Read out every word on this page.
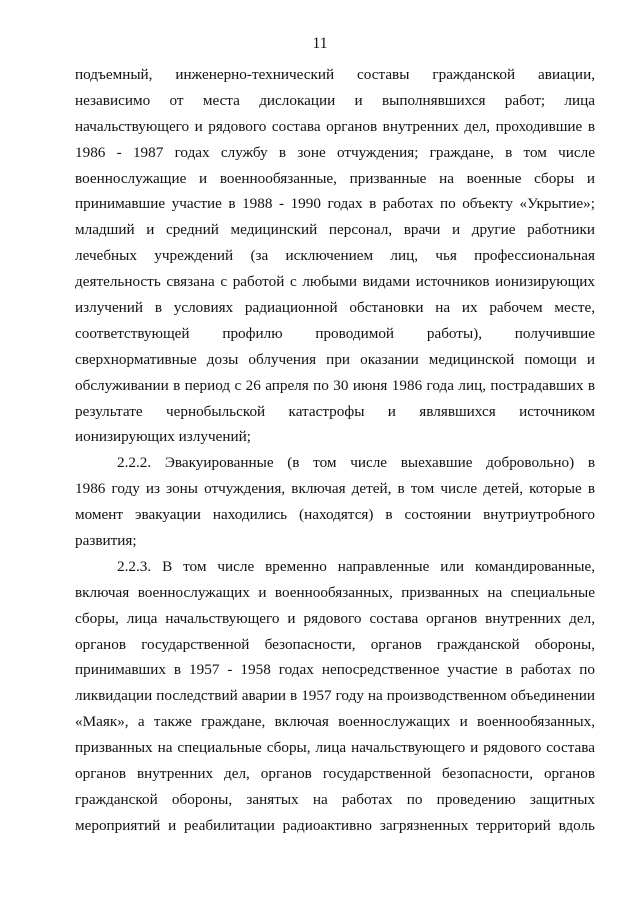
11
подъемный, инженерно-технический составы гражданской авиации,
независимо от места дислокации и выполнявшихся работ; лица
начальствующего и рядового состава органов внутренних дел, проходившие в
1986 - 1987 годах службу в зоне отчуждения; граждане, в том числе
военнослужащие и военнообязанные, призванные на военные сборы и
принимавшие участие в 1988 - 1990 годах в работах по объекту «Укрытие»;
младший и средний медицинский персонал, врачи и другие работники
лечебных учреждений (за исключением лиц, чья профессиональная
деятельность связана с работой с любыми видами источников ионизирующих
излучений в условиях радиационной обстановки на их рабочем месте,
соответствующей профилю проводимой работы), получившие
сверхнормативные дозы облучения при оказании медицинской помощи и
обслуживании в период с 26 апреля по 30 июня 1986 года лиц, пострадавших в
результате чернобыльской катастрофы и являвшихся источником
ионизирующих излучений;
2.2.2. Эвакуированные (в том числе выехавшие добровольно) в
1986 году из зоны отчуждения, включая детей, в том числе детей, которые в
момент эвакуации находились (находятся) в состоянии внутриутробного
развития;
2.2.3. В том числе временно направленные или командированные,
включая военнослужащих и военнообязанных, призванных на специальные
сборы, лица начальствующего и рядового состава органов внутренних дел,
органов государственной безопасности, органов гражданской обороны,
принимавших в 1957 - 1958 годах непосредственное участие в работах по
ликвидации последствий аварии в 1957 году на производственном объединении
«Маяк», а также граждане, включая военнослужащих и военнообязанных,
призванных на специальные сборы, лица начальствующего и рядового состава
органов внутренних дел, органов государственной безопасности, органов
гражданской обороны, занятых на работах по проведению защитных
мероприятий и реабилитации радиоактивно загрязненных территорий вдоль
